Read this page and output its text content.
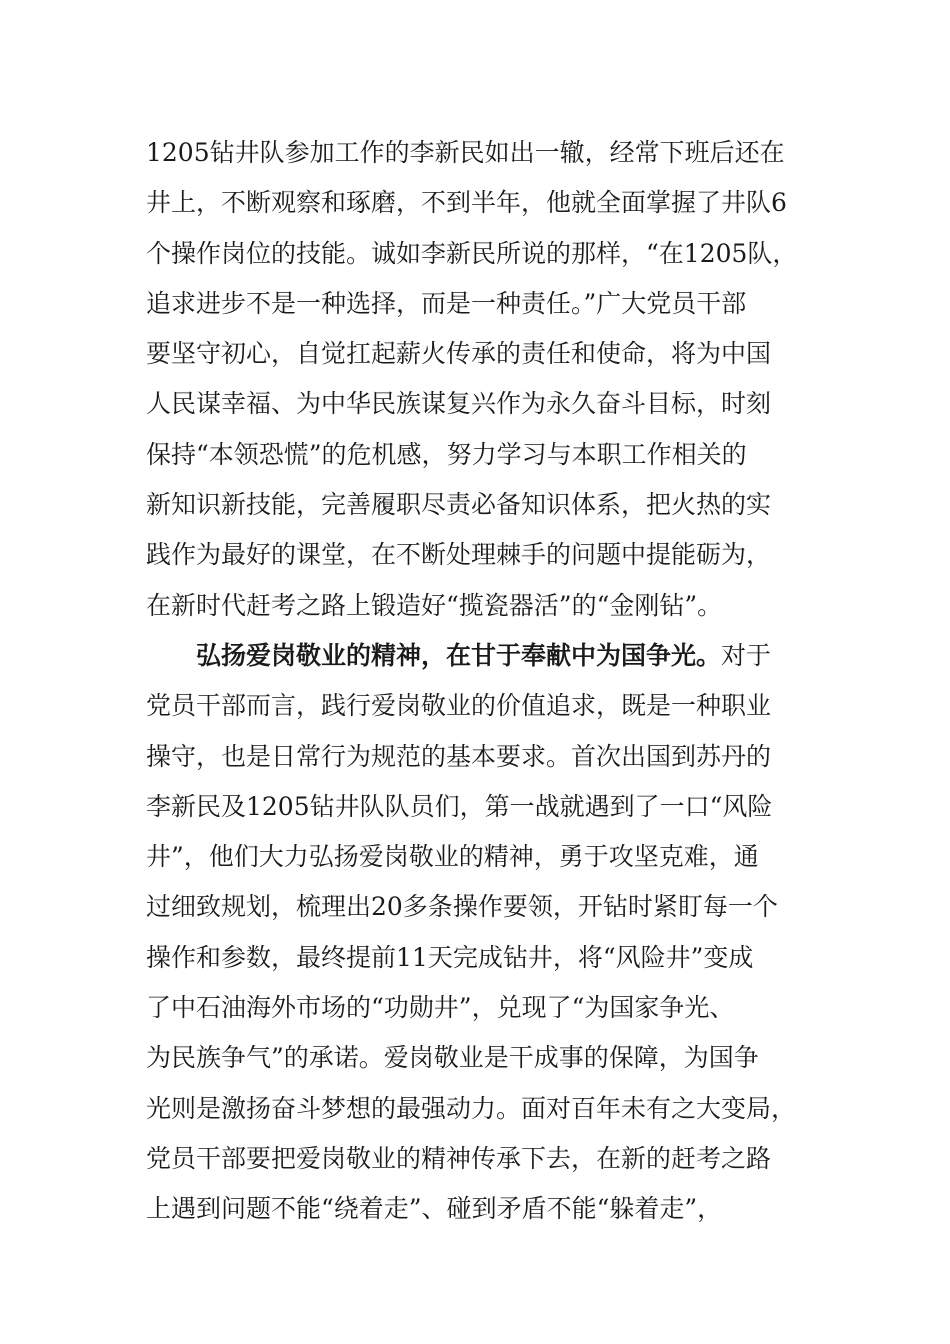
1205钻井队参加工作的李新民如出一辙，经常下班后还在
井上，不断观察和琢磨，不到半年，他就全面掌握了井队6
个操作岗位的技能。诚如李新民所说的那样，“在1205队，
追求进步不是一种选择，而是一种责任。”广大党员干部
要坚守初心，自觉扛起薪火传承的责任和使命，将为中国
人民谋幸福、为中华民族谋复兴作为永久奋斗目标，时刻
保持“本领恐慌”的危机感，努力学习与本职工作相关的
新知识新技能，完善履职尽责必备知识体系，把火热的实
践作为最好的课堂，在不断处理棘手的问题中提能砺为，
在新时代赶考之路上锻造好“揽瓷器活”的“金刚钻”。
弘扬爱岗敬业的精神，在甘于奉献中为国争光。对于
党员干部而言，践行爱岗敬业的价值追求，既是一种职业
操守，也是日常行为规范的基本要求。首次出国到苏丹的
李新民及1205钻井队队员们，第一战就遇到了一口“风险
井”，他们大力弘扬爱岗敬业的精神，勇于攻坚克难，通
过细致规划，梳理出20多条操作要领，开钻时紧盯每一个
操作和参数，最终提前11天完成钻井，将“风险井”变成
了中石油海外市场的“功勋井”，兑现了“为国家争光、
为民族争气”的承诺。爱岗敬业是干成事的保障，为国争
光则是激扬奋斗梦想的最强动力。面对百年未有之大变局，
党员干部要把爱岗敬业的精神传承下去，在新的赶考之路
上遇到问题不能“绕着走”、碰到矛盾不能“躲着走”，
